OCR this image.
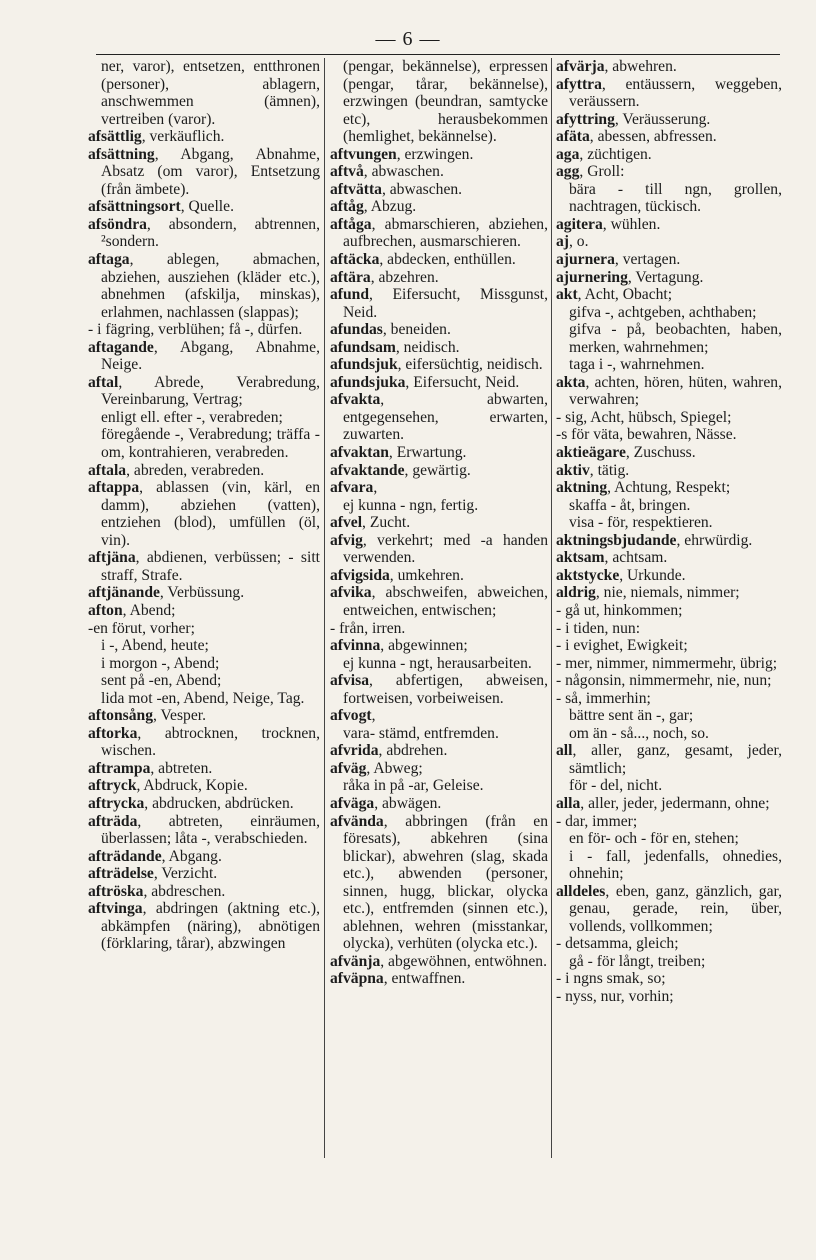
— 6 —

ner, varor), entsetzen, entthronen (personer), ablagern, anschwemmen (ämnen), vertreiben (varor).

afsättlig, verkäuflich.

afsättning, Abgang, Abnahme, Absatz (om varor), Entsetzung (från ämbete).

afsättningsort, Quelle.

afsöndra, absondern, abtrennen, ²sondern.

aftaga, ablegen, abmachen, abziehen, ausziehen (kläder etc.), abnehmen (afskilja, minskas), erlahmen, nachlassen (slappas);

- i fägring, verblühen; få -, dürfen.

aftagande, Abgang, Abnahme, Neige.

aftal, Abrede, Verabredung, Vereinbarung, Vertrag;

enligt ell. efter -, verabreden;

föregående -, Verabredung; träffa - om, kontrahieren, verabreden.

aftala, abreden, verabreden.

aftappa, ablassen (vin, kärl, en damm), abziehen (vatten), entziehen (blod), umfüllen (öl, vin).

aftjäna, abdienen, verbüssen; - sitt straff, Strafe.

aftjänande, Verbüssung.

afton, Abend;

-en förut, vorher;

i -, Abend, heute;

i morgon -, Abend;

sent på -en, Abend;

lida mot -en, Abend, Neige, Tag.

aftonsång, Vesper.

aftorka, abtrocknen, trocknen, wischen.

aftrampa, abtreten.

aftryck, Abdruck, Kopie.

aftrycka, abdrucken, abdrücken.

afträda, abtreten, einräumen, überlassen; låta -, verabschieden.

afträdande, Abgang.

afträdelse, Verzicht.

aftröska, abdreschen.

aftvinga, abdringen (aktning etc.), abkämpfen (näring), abnötigen (förklaring, tårar), abzwingen

(pengar, bekännelse), erpressen (pengar, tårar, bekännelse), erzwingen (beundran, samtycke etc), herausbekommen (hemlighet, bekännelse).

aftvungen, erzwingen.

aftvå, abwaschen.

aftvätta, abwaschen.

aftåg, Abzug.

aftåga, abmarschieren, abziehen, aufbrechen, ausmarschieren.

aftäcka, abdecken, enthüllen.

aftära, abzehren.

afund, Eifersucht, Missgunst, Neid.

afundas, beneiden.

afundsam, neidisch.

afundsjuk, eifersüchtig, neidisch.

afundsjuka, Eifersucht, Neid.

afvakta, abwarten, entgegensehen, erwarten, zuwarten.

afvaktan, Erwartung.

afvaktande, gewärtig.

afvara,

ej kunna - ngn, fertig.

afvel, Zucht.

afvig, verkehrt; med -a handen verwenden.

afvigsida, umkehren.

afvika, abschweifen, abweichen, entweichen, entwischen;

- från, irren.

afvinna, abgewinnen;

ej kunna - ngt, herausarbeiten.

afvisa, abfertigen, abweisen, fortweisen, vorbeiweisen.

afvogt,

vara- stämd, entfremden.

afvrida, abdrehen.

afväg, Abweg;

råka in på -ar, Geleise.

afväga, abwägen.

afvända, abbringen (från en föresats), abkehren (sina blickar), abwehren (slag, skada etc.), abwenden (personer, sinnen, hugg, blickar, olycka etc.), entfremden (sinnen etc.), ablehnen, wehren (misstankar, olycka), verhüten (olycka etc.).

afvänja, abgewöhnen, entwöhnen.

afväpna, entwaffnen.

afvärja, abwehren.

afyttra, entäussern, weggeben, veräussern.

afyttring, Veräusserung.

afäta, abessen, abfressen.

aga, züchtigen.

agg, Groll:

bära - till ngn, grollen, nachtragen, tückisch.

agitera, wühlen.

aj, o.

ajurnera, vertagen.

ajurnering, Vertagung.

akt, Acht, Obacht;

gifva -, achtgeben, achthaben;

gifva - på, beobachten, haben, merken, wahrnehmen;

taga i -, wahrnehmen.

akta, achten, hören, hüten, wahren, verwahren;

- sig, Acht, hübsch, Spiegel;

-s för väta, bewahren, Nässe.

aktieägare, Zuschuss.

aktiv, tätig.

aktning, Achtung, Respekt;

skaffa - åt, bringen.

visa - för, respektieren.

aktningsbjudande, ehrwürdig.

aktsam, achtsam.

aktstycke, Urkunde.

aldrig, nie, niemals, nimmer;

- gå ut, hinkommen;

- i tiden, nun:

- i evighet, Ewigkeit;

- mer, nimmer, nimmermehr, übrig;

- någonsin, nimmermehr, nie, nun;

- så, immerhin;

bättre sent än -, gar;

om än - så..., noch, so.

all, aller, ganz, gesamt, jeder, sämtlich;

för - del, nicht.

alla, aller, jeder, jedermann, ohne;

- dar, immer;

en för- och - för en, stehen;

i - fall, jedenfalls, ohnedies, ohnehin;

alldeles, eben, ganz, gänzlich, gar, genau, gerade, rein, über, vollends, vollkommen;

- detsamma, gleich;

gå - för långt, treiben;

- i ngns smak, so;

- nyss, nur, vorhin;
